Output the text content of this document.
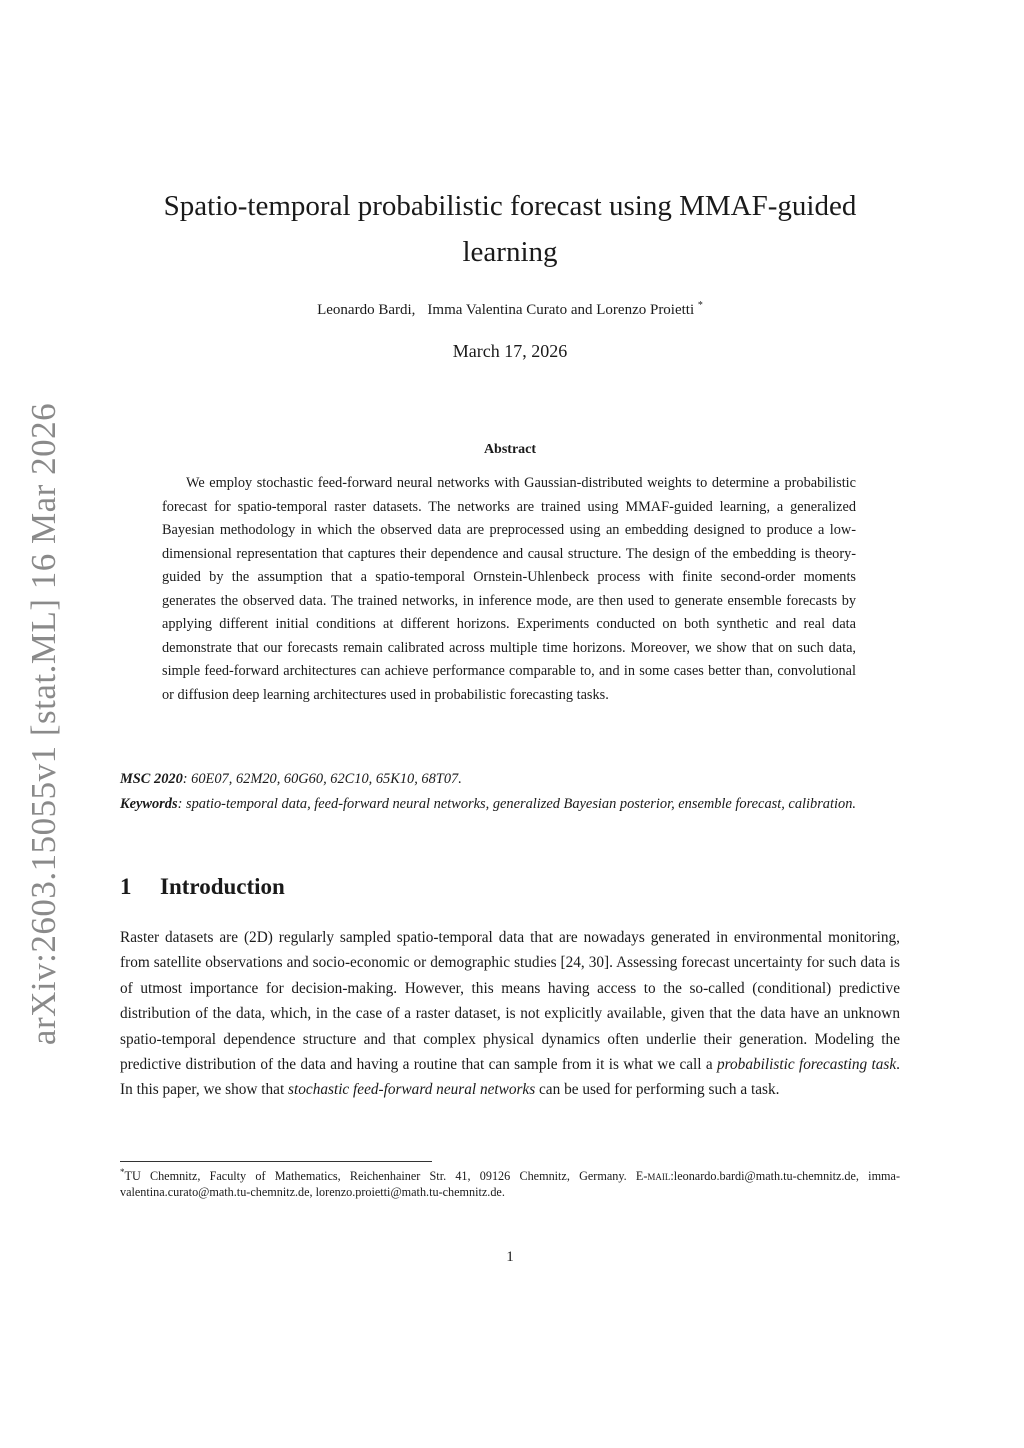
arXiv:2603.15055v1 [stat.ML] 16 Mar 2026
Spatio-temporal probabilistic forecast using MMAF-guided learning
Leonardo Bardi, Imma Valentina Curato and Lorenzo Proietti *
March 17, 2026
Abstract

We employ stochastic feed-forward neural networks with Gaussian-distributed weights to determine a probabilistic forecast for spatio-temporal raster datasets. The networks are trained using MMAF-guided learning, a generalized Bayesian methodology in which the observed data are preprocessed using an embedding designed to produce a low-dimensional representation that captures their dependence and causal structure. The design of the embedding is theory-guided by the assumption that a spatio-temporal Ornstein-Uhlenbeck process with finite second-order moments generates the observed data. The trained networks, in inference mode, are then used to generate ensemble forecasts by applying different initial conditions at different horizons. Experiments conducted on both synthetic and real data demonstrate that our forecasts remain calibrated across multiple time horizons. Moreover, we show that on such data, simple feed-forward architectures can achieve performance comparable to, and in some cases better than, convolutional or diffusion deep learning architectures used in probabilistic forecasting tasks.

MSC 2020: 60E07, 62M20, 60G60, 62C10, 65K10, 68T07.

Keywords: spatio-temporal data, feed-forward neural networks, generalized Bayesian posterior, ensemble forecast, calibration.

1 Introduction

Raster datasets are (2D) regularly sampled spatio-temporal data that are nowadays generated in environmental monitoring, from satellite observations and socio-economic or demographic studies [24, 30]. Assessing forecast uncertainty for such data is of utmost importance for decision-making. However, this means having access to the so-called (conditional) predictive distribution of the data, which, in the case of a raster dataset, is not explicitly available, given that the data have an unknown spatio-temporal dependence structure and that complex physical dynamics often underlie their generation. Modeling the predictive distribution of the data and having a routine that can sample from it is what we call a probabilistic forecasting task. In this paper, we show that stochastic feed-forward neural networks can be used for performing such a task.

*TU Chemnitz, Faculty of Mathematics, Reichenhainer Str. 41, 09126 Chemnitz, Germany. E-mail:leonardo.bardi@math.tu-chemnitz.de, imma-valentina.curato@math.tu-chemnitz.de, lorenzo.proietti@math.tu-chemnitz.de.

1
